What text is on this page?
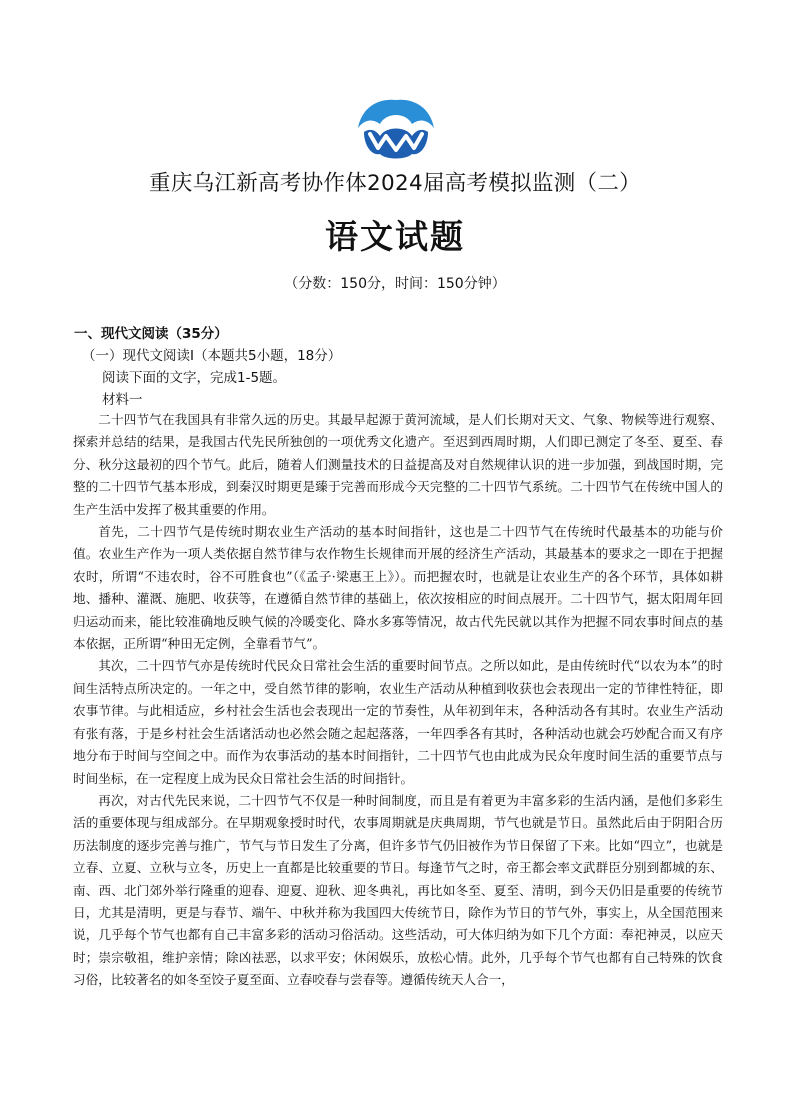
重庆乌江新高考协作体2024届高考模拟监测（二）
语文试题
（分数：150分，时间：150分钟）
一、现代文阅读（35分）
（一）现代文阅读Ⅰ（本题共5小题，18分）
阅读下面的文字，完成1-5题。
材料一

二十四节气在我国具有非常久远的历史。其最早起源于黄河流域，是人们长期对天文、气象、物候等进行观察、探索并总结的结果，是我国古代先民所独创的一项优秀文化遗产。至迟到西周时期，人们即已测定了冬至、夏至、春分、秋分这最初的四个节气。此后，随着人们测量技术的日益提高及对自然规律认识的进一步加强，到战国时期，完整的二十四节气基本形成，到秦汉时期更是臻于完善而形成今天完整的二十四节气系统。二十四节气在传统中国人的生产生活中发挥了极其重要的作用。

首先，二十四节气是传统时期农业生产活动的基本时间指针，这也是二十四节气在传统时代最基本的功能与价值。农业生产作为一项人类依据自然节律与农作物生长规律而开展的经济生产活动，其最基本的要求之一即在于把握农时，所谓“不违农时，谷不可胜食也”（《孟子·梁惠王上》）。而把握农时，也就是让农业生产的各个环节，具体如耕地、播种、灌溉、施肥、收获等，在遵循自然节律的基础上，依次按相应的时间点展开。二十四节气，据太阳周年回归运动而来，能比较准确地反映气候的冷暖变化、降水多寡等情况，故古代先民就以其作为把握不同农事时间点的基本依据，正所谓“种田无定例，全靠看节气”。

其次，二十四节气亦是传统时代民众日常社会生活的重要时间节点。之所以如此，是由传统时代“以农为本”的时间生活特点所决定的。一年之中，受自然节律的影响，农业生产活动从种植到收获也会表现出一定的节律性特征，即农事节律。与此相适应，乡村社会生活也会表现出一定的节奏性，从年初到年末，各种活动各有其时。农业生产活动有张有落，于是乡村社会生活诸活动也必然会随之起起落落，一年四季各有其时，各种活动也就会巧妙配合而又有序地分布于时间与空间之中。而作为农事活动的基本时间指针，二十四节气也由此成为民众年度时间生活的重要节点与时间坐标，在一定程度上成为民众日常社会生活的时间指针。

再次，对古代先民来说，二十四节气不仅是一种时间制度，而且是有着更为丰富多彩的生活内涵，是他们多彩生活的重要体现与组成部分。在早期观象授时时代，农事周期就是庆典周期，节气也就是节日。虽然此后由于阴阳合历历法制度的逐步完善与推广，节气与节日发生了分离，但许多节气仍旧被作为节日保留了下来。比如“四立”，也就是立春、立夏、立秋与立冬，历史上一直都是比较重要的节日。每逢节气之时，帝王都会率文武群臣分别到都城的东、南、西、北门郊外举行隆重的迎春、迎夏、迎秋、迎冬典礼，再比如冬至、夏至、清明，到今天仍旧是重要的传统节日，尤其是清明，更是与春节、端午、中秋并称为我国四大传统节日，除作为节日的节气外，事实上，从全国范围来说，几乎每个节气也都有自己丰富多彩的活动习俗活动。这些活动，可大体归纳为如下几个方面：奉祀神灵，以应天时；崇宗敬祖，维护亲情；除凶祛恶，以求平安；休闲娱乐，放松心情。此外，几乎每个节气也都有自己特殊的饮食习俗，比较著名的如冬至饺子夏至面、立春咬春与尝春等。遵循传统天人合一，
